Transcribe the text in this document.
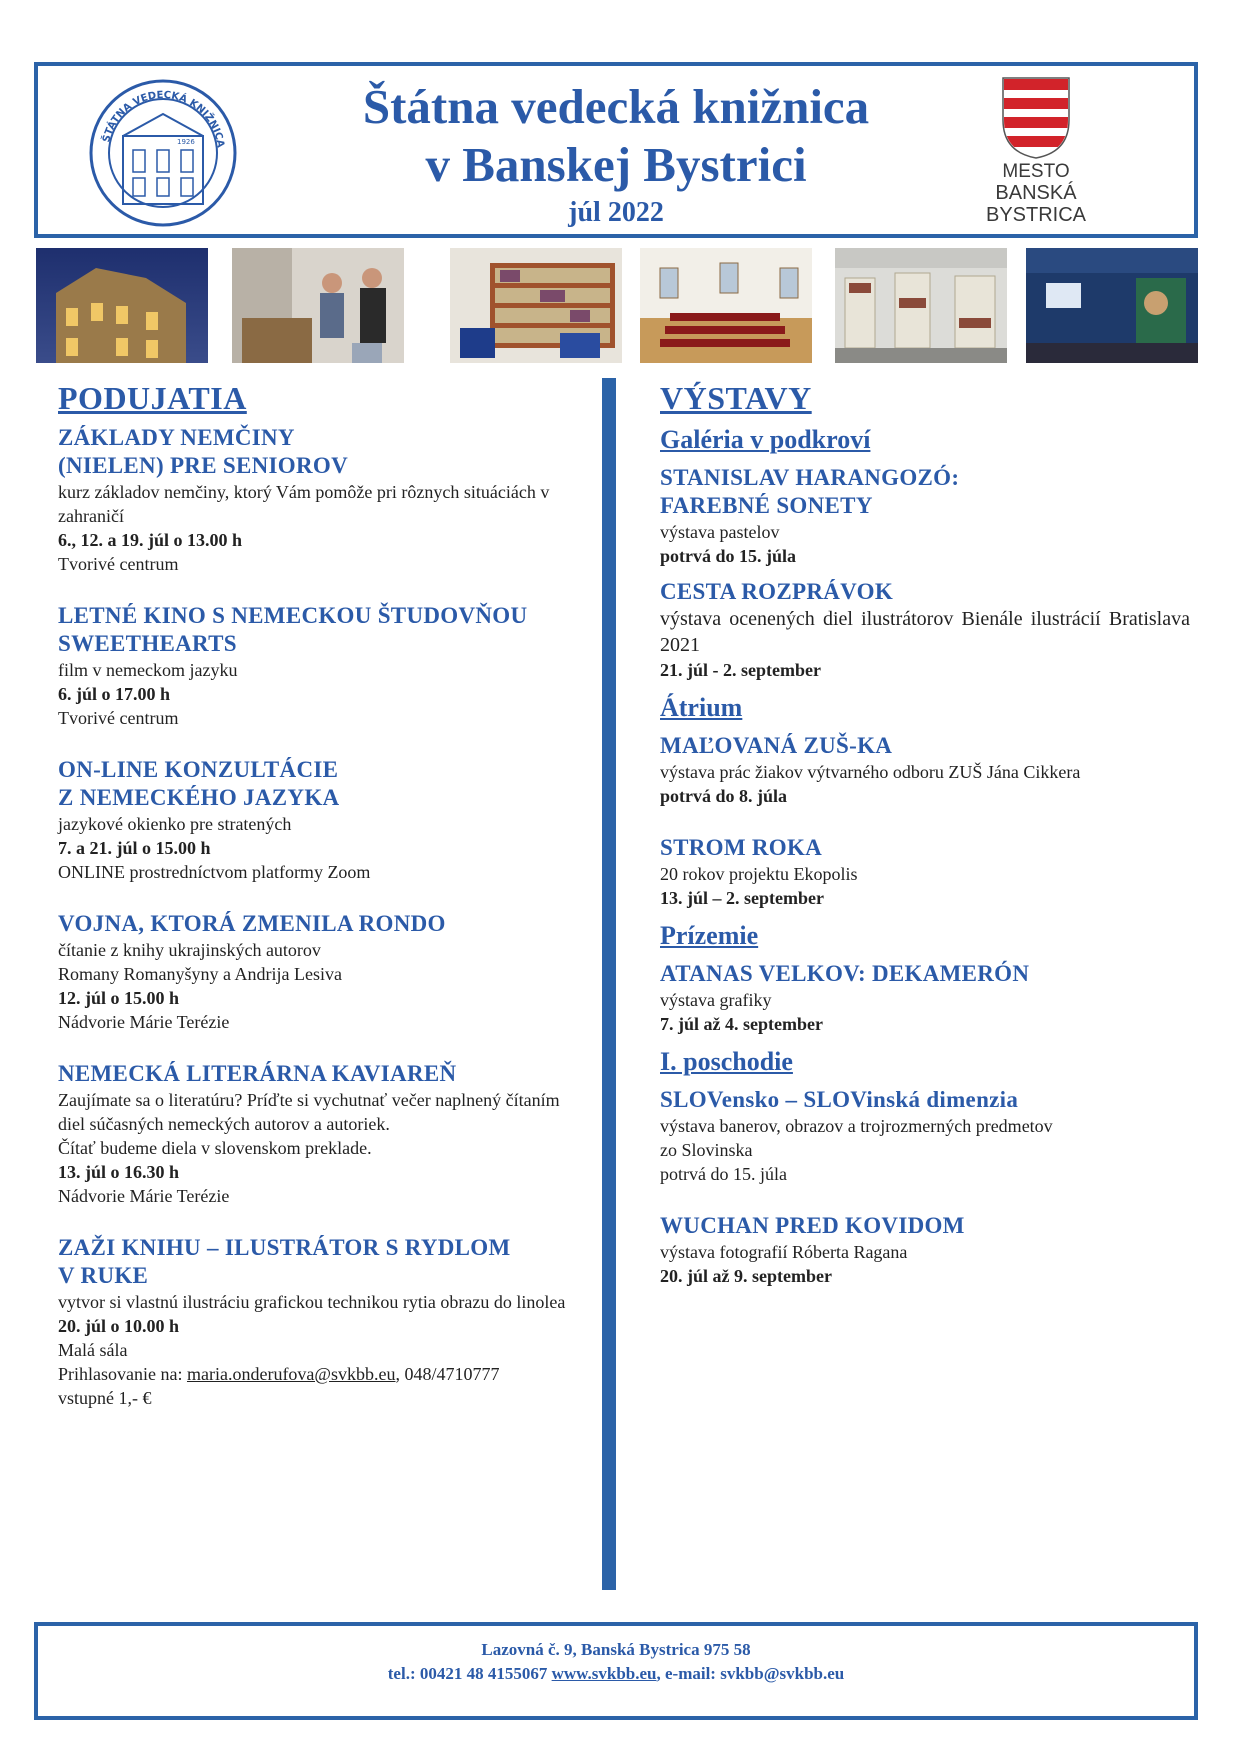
ŠTÁTNA VEDECKÁ KNIŽNICA
1926
Štátna vedecká knižnica
v Banskej Bystrici
júl 2022
MESTO
BANSKÁ BYSTRICA
PODUJATIA
ZÁKLADY NEMČINY
(NIELEN) PRE SENIOROV
kurz základov nemčiny, ktorý Vám pomôže pri rôznych situáciách v zahraničí
6., 12. a 19. júl o 13.00 h
Tvorivé centrum
LETNÉ KINO S NEMECKOU ŠTUDOVŇOU SWEETHEARTS
film v nemeckom jazyku
6. júl o 17.00 h
Tvorivé centrum
ON-LINE KONZULTÁCIE
Z NEMECKÉHO JAZYKA
jazykové okienko pre stratených
7. a 21. júl o 15.00 h
ONLINE prostredníctvom platformy Zoom
VOJNA, KTORÁ ZMENILA RONDO
čítanie z knihy ukrajinských autorov
Romany Romanyšyny a Andrija Lesiva
12. júl o 15.00 h
Nádvorie Márie Terézie
NEMECKÁ LITERÁRNA KAVIAREŇ
Zaujímate sa o literatúru? Príďte si vychutnať večer naplnený čítaním diel súčasných nemeckých autorov a autoriek.
Čítať budeme diela v slovenskom preklade.
13. júl o 16.30 h
Nádvorie Márie Terézie
ZAŽI KNIHU – ILUSTRÁTOR S RYDLOM
V RUKE
vytvor si vlastnú ilustráciu grafickou technikou rytia obrazu do linolea
20. júl o 10.00 h
Malá sála
Prihlasovanie na: maria.onderufova@svkbb.eu, 048/4710777
vstupné 1,- €
VÝSTAVY
Galéria v podkroví
STANISLAV HARANGOZÓ:
FAREBNÉ SONETY
výstava pastelov
potrvá do 15. júla
CESTA ROZPRÁVOK
výstava ocenených diel ilustrátorov Bienále ilustrácií Bratislava 2021
21. júl - 2. september
Átrium
MAĽOVANÁ ZUŠ-KA
výstava prác žiakov výtvarného odboru ZUŠ Jána Cikkera
potrvá do 8. júla
STROM ROKA
20 rokov projektu Ekopolis
13. júl – 2. september
Prízemie
ATANAS VELKOV: DEKAMERÓN
výstava grafiky
7. júl až 4. september
I. poschodie
SLOVensko – SLOVinská dimenzia
výstava banerov, obrazov a trojrozmerných predmetov
zo Slovinska
potrvá do 15. júla
WUCHAN PRED KOVIDOM
výstava fotografií Róberta Ragana
20. júl až 9. september
Lazovná č. 9, Banská Bystrica 975 58
tel.: 00421 48 4155067 www.svkbb.eu, e-mail: svkbb@svkbb.eu
